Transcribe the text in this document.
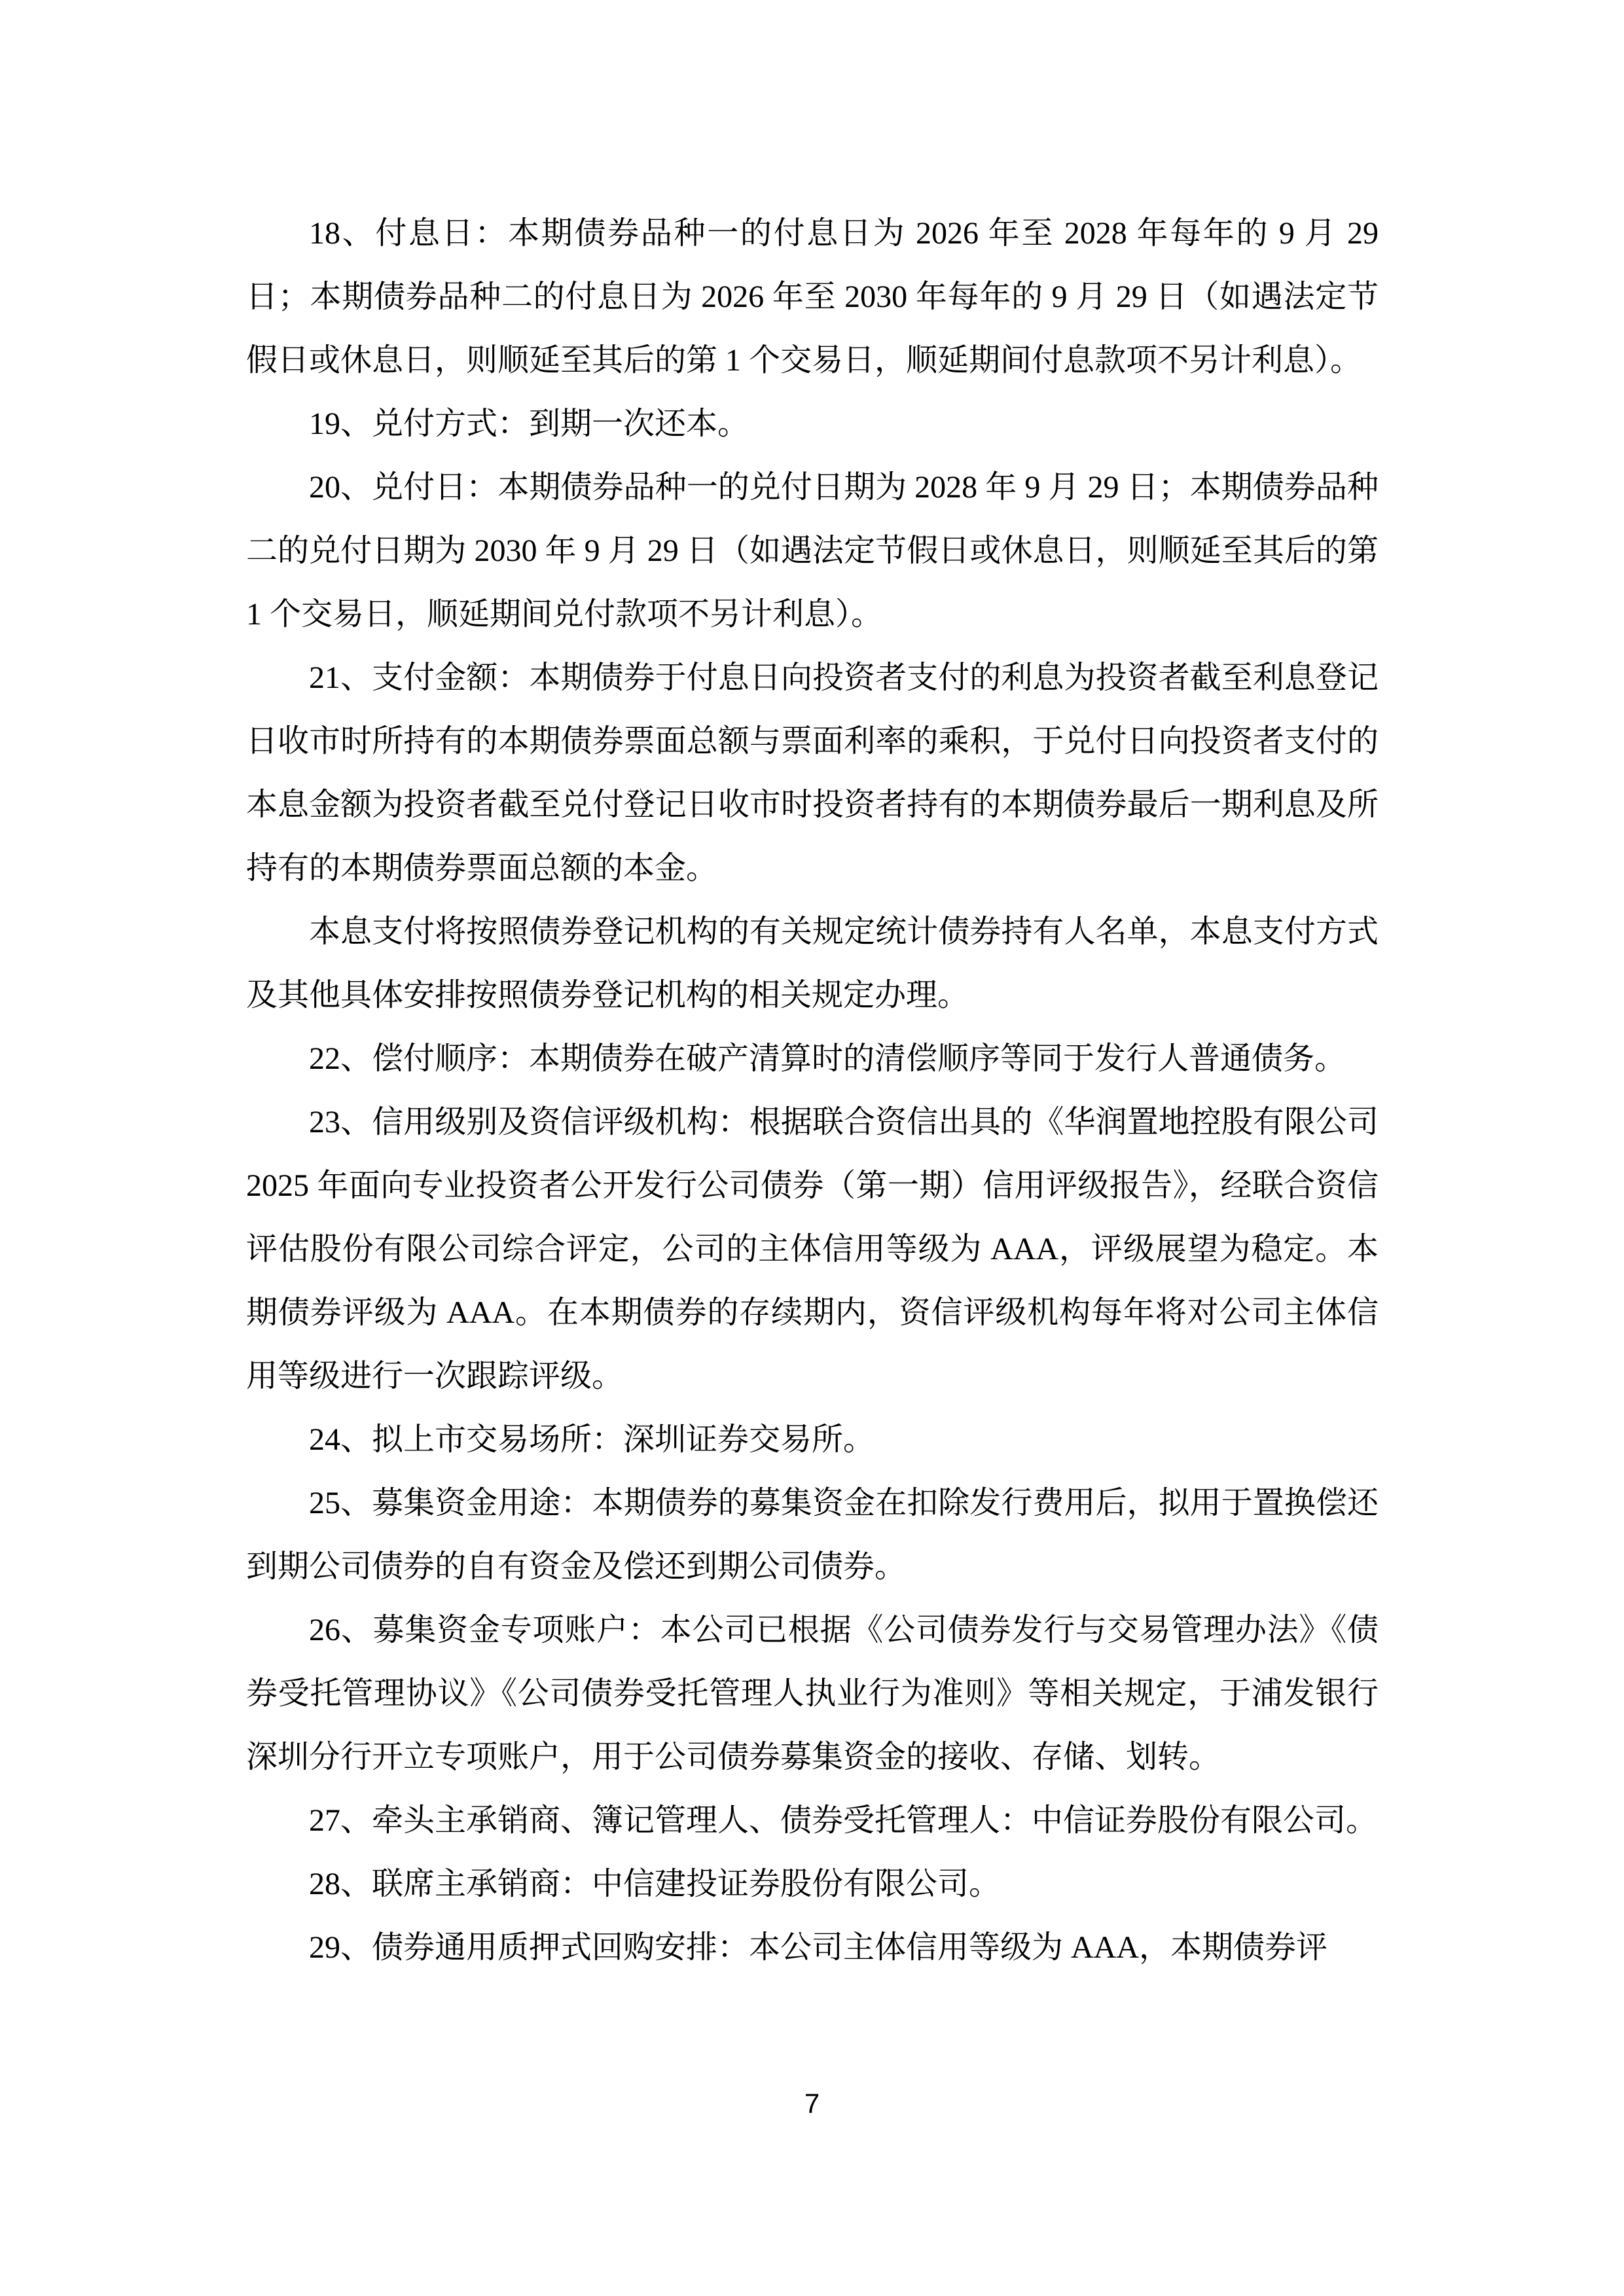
18、付息日：本期债券品种一的付息日为 2026 年至 2028 年每年的 9 月 29 日；本期债券品种二的付息日为 2026 年至 2030 年每年的 9 月 29 日（如遇法定节假日或休息日，则顺延至其后的第 1 个交易日，顺延期间付息款项不另计利息）。

19、兑付方式：到期一次还本。

20、兑付日：本期债券品种一的兑付日期为 2028 年 9 月 29 日；本期债券品种二的兑付日期为 2030 年 9 月 29 日（如遇法定节假日或休息日，则顺延至其后的第 1 个交易日，顺延期间兑付款项不另计利息）。

21、支付金额：本期债券于付息日向投资者支付的利息为投资者截至利息登记日收市时所持有的本期债券票面总额与票面利率的乘积，于兑付日向投资者支付的本息金额为投资者截至兑付登记日收市时投资者持有的本期债券最后一期利息及所持有的本期债券票面总额的本金。

本息支付将按照债券登记机构的有关规定统计债券持有人名单，本息支付方式及其他具体安排按照债券登记机构的相关规定办理。

22、偿付顺序：本期债券在破产清算时的清偿顺序等同于发行人普通债务。

23、信用级别及资信评级机构：根据联合资信出具的《华润置地控股有限公司 2025 年面向专业投资者公开发行公司债券（第一期）信用评级报告》，经联合资信评估股份有限公司综合评定，公司的主体信用等级为 AAA，评级展望为稳定。本期债券评级为 AAA。在本期债券的存续期内，资信评级机构每年将对公司主体信用等级进行一次跟踪评级。

24、拟上市交易场所：深圳证券交易所。

25、募集资金用途：本期债券的募集资金在扣除发行费用后，拟用于置换偿还到期公司债券的自有资金及偿还到期公司债券。

26、募集资金专项账户：本公司已根据《公司债券发行与交易管理办法》《债券受托管理协议》《公司债券受托管理人执业行为准则》等相关规定，于浦发银行深圳分行开立专项账户，用于公司债券募集资金的接收、存储、划转。

27、牵头主承销商、簿记管理人、债券受托管理人：中信证券股份有限公司。

28、联席主承销商：中信建投证券股份有限公司。

29、债券通用质押式回购安排：本公司主体信用等级为 AAA，本期债券评

7
